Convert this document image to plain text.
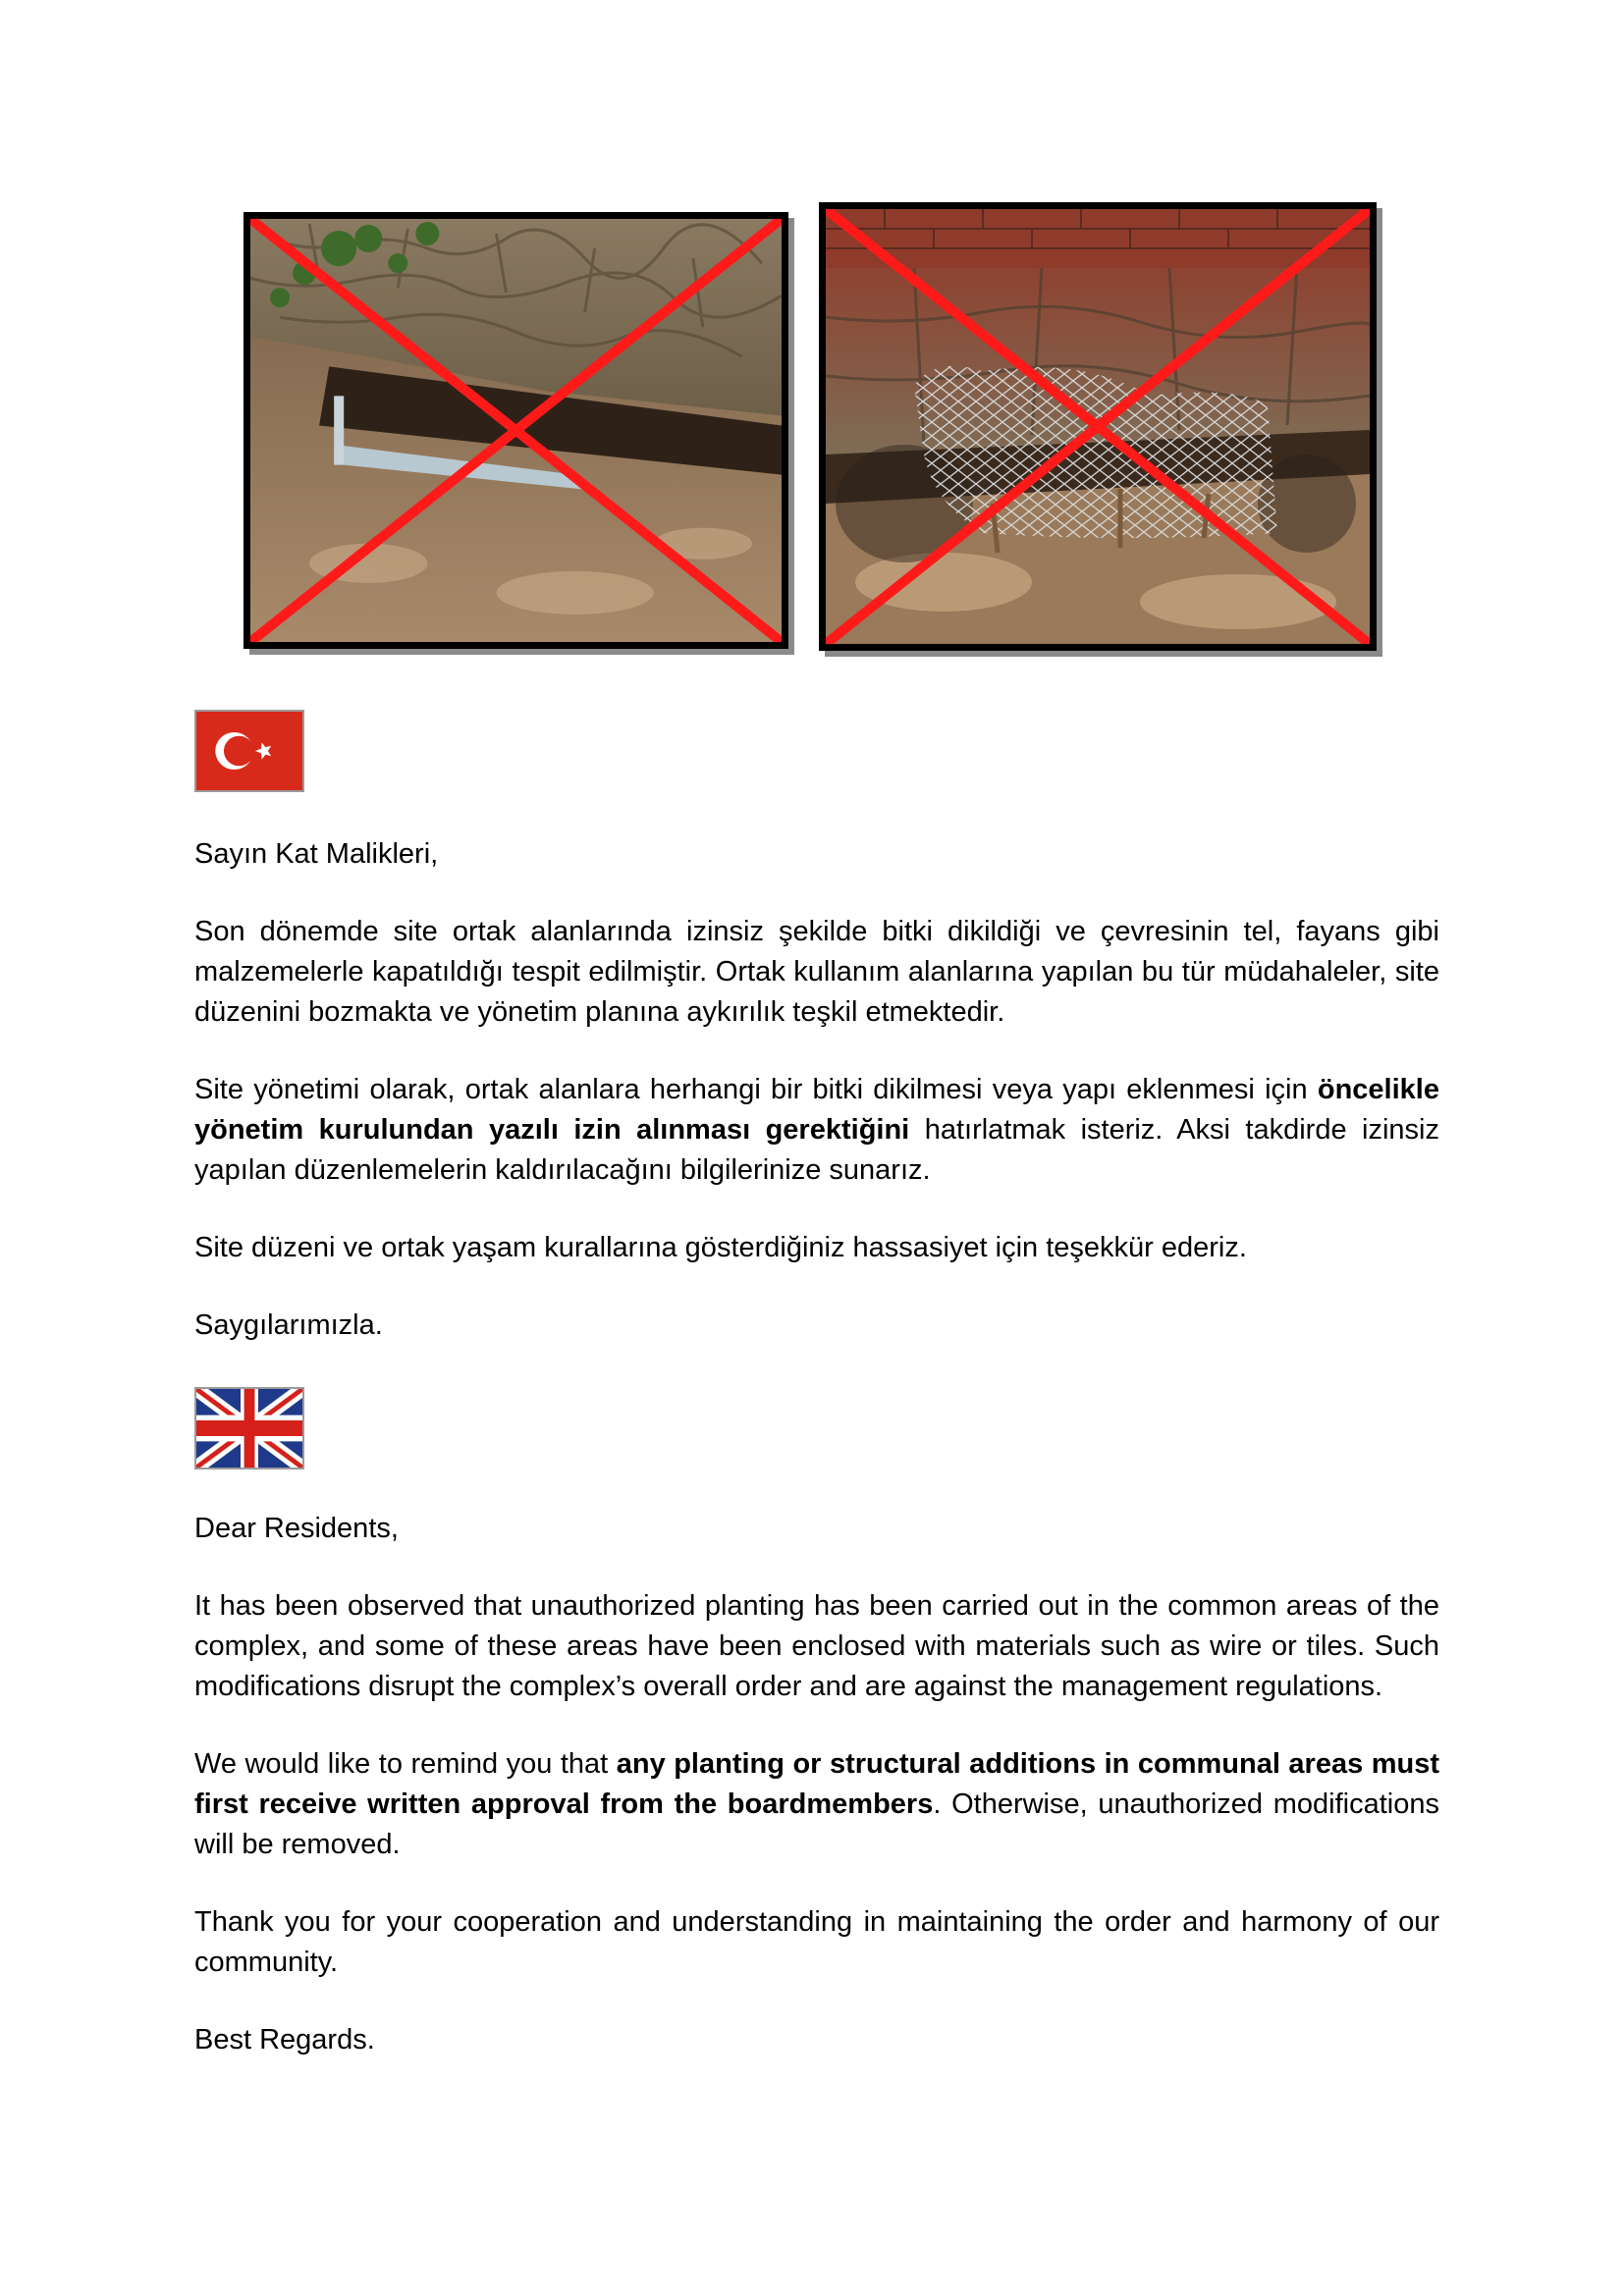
Sayın Kat Malikleri,

Son dönemde site ortak alanlarında izinsiz şekilde bitki dikildiği ve çevresinin tel, fayans gibi malzemelerle kapatıldığı tespit edilmiştir. Ortak kullanım alanlarına yapılan bu tür müdahaleler, site düzenini bozmakta ve yönetim planına aykırılık teşkil etmektedir.

Site yönetimi olarak, ortak alanlara herhangi bir bitki dikilmesi veya yapı eklenmesi için öncelikle yönetim kurulundan yazılı izin alınması gerektiğini hatırlatmak isteriz. Aksi takdirde izinsiz yapılan düzenlemelerin kaldırılacağını bilgilerinize sunarız.

Site düzeni ve ortak yaşam kurallarına gösterdiğiniz hassasiyet için teşekkür ederiz.

Saygılarımızla.

Dear Residents,

It has been observed that unauthorized planting has been carried out in the common areas of the complex, and some of these areas have been enclosed with materials such as wire or tiles. Such modifications disrupt the complex’s overall order and are against the management regulations.

We would like to remind you that any planting or structural additions in communal areas must first receive written approval from the boardmembers. Otherwise, unauthorized modifications will be removed.

Thank you for your cooperation and understanding in maintaining the order and harmony of our community.

Best Regards.
